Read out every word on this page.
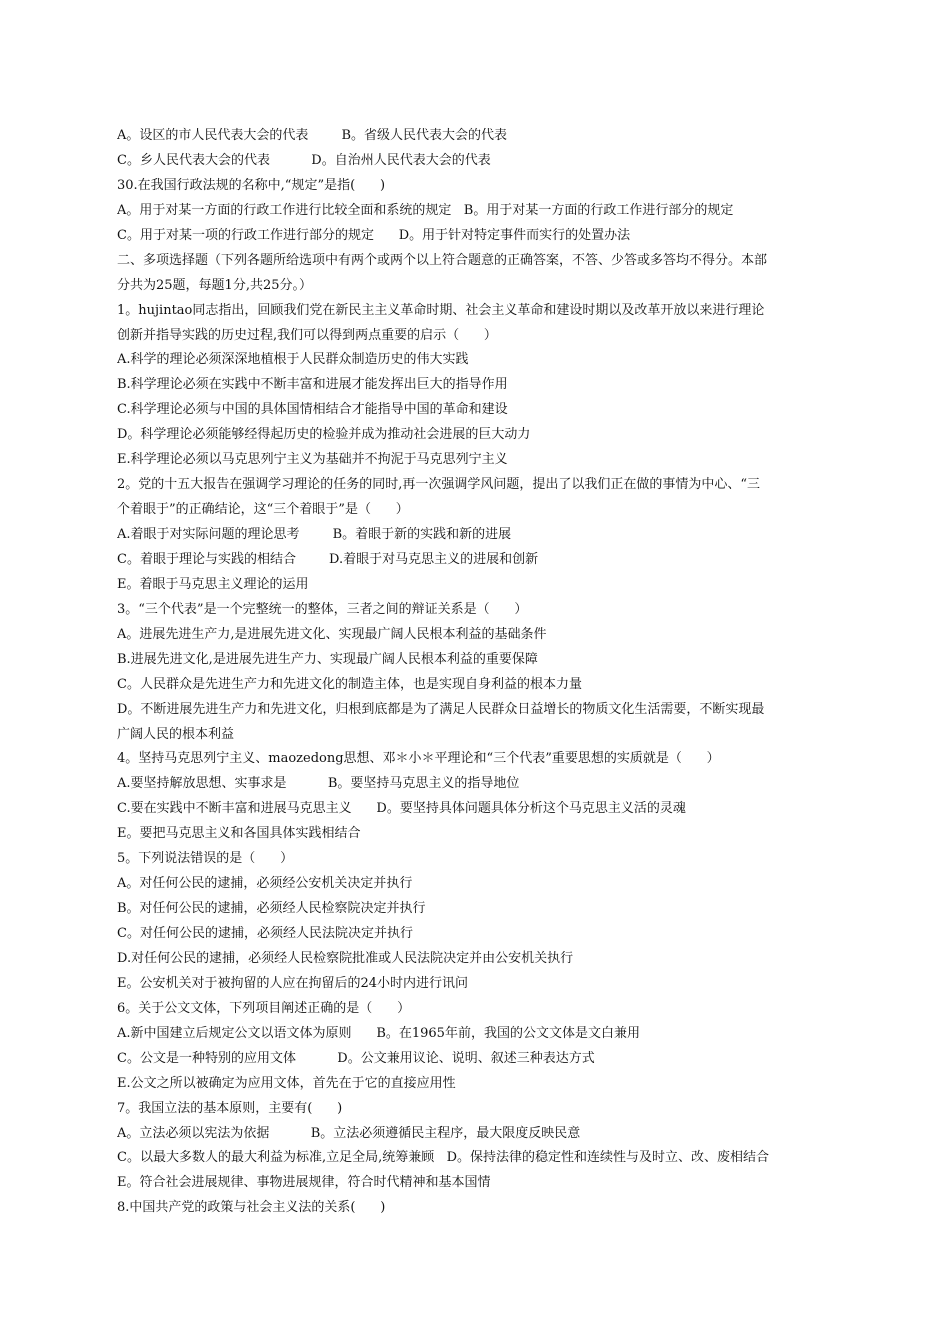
A。设区的市人民代表大会的代表        B。省级人民代表大会的代表
C。乡人民代表大会的代表          D。自治州人民代表大会的代表
30.在我国行政法规的名称中,“规定”是指(      )
A。用于对某一方面的行政工作进行比较全面和系统的规定   B。用于对某一方面的行政工作进行部分的规定
C。用于对某一项的行政工作进行部分的规定      D。用于针对特定事件而实行的处置办法
二、多项选择题（下列各题所给选项中有两个或两个以上符合题意的正确答案，不答、少答或多答均不得分。本部
分共为25题，每题1分,共25分。）
1。hujintao同志指出，回顾我们党在新民主主义革命时期、社会主义革命和建设时期以及改革开放以来进行理论
创新并指导实践的历史过程,我们可以得到两点重要的启示（      ）
A.科学的理论必须深深地植根于人民群众制造历史的伟大实践
B.科学理论必须在实践中不断丰富和进展才能发挥出巨大的指导作用
C.科学理论必须与中国的具体国情相结合才能指导中国的革命和建设
D。科学理论必须能够经得起历史的检验并成为推动社会进展的巨大动力
E.科学理论必须以马克思列宁主义为基础并不拘泥于马克思列宁主义
2。党的十五大报告在强调学习理论的任务的同时,再一次强调学风问题，提出了以我们正在做的事情为中心、“三
个着眼于”的正确结论，这“三个着眼于”是（      ）
A.着眼于对实际问题的理论思考        B。着眼于新的实践和新的进展
C。着眼于理论与实践的相结合        D.着眼于对马克思主义的进展和创新
E。着眼于马克思主义理论的运用
3。“三个代表”是一个完整统一的整体，三者之间的辩证关系是（      ）
A。进展先进生产力,是进展先进文化、实现最广阔人民根本利益的基础条件
B.进展先进文化,是进展先进生产力、实现最广阔人民根本利益的重要保障
C。人民群众是先进生产力和先进文化的制造主体，也是实现自身利益的根本力量
D。不断进展先进生产力和先进文化，归根到底都是为了满足人民群众日益增长的物质文化生活需要，不断实现最
广阔人民的根本利益
4。坚持马克思列宁主义、maozedong思想、邓＊小＊平理论和“三个代表”重要思想的实质就是（      ）
A.要坚持解放思想、实事求是          B。要坚持马克思主义的指导地位
C.要在实践中不断丰富和进展马克思主义      D。要坚持具体问题具体分析这个马克思主义活的灵魂
E。要把马克思主义和各国具体实践相结合
5。下列说法错误的是（      ）
A。对任何公民的逮捕，必须经公安机关决定并执行
B。对任何公民的逮捕，必须经人民检察院决定并执行
C。对任何公民的逮捕，必须经人民法院决定并执行
D.对任何公民的逮捕，必须经人民检察院批准或人民法院决定并由公安机关执行
E。公安机关对于被拘留的人应在拘留后的24小时内进行讯问
6。关于公文文体，下列项目阐述正确的是（      ）
A.新中国建立后规定公文以语文体为原则      B。在1965年前，我国的公文文体是文白兼用
C。公文是一种特别的应用文体          D。公文兼用议论、说明、叙述三种表达方式
E.公文之所以被确定为应用文体，首先在于它的直接应用性
7。我国立法的基本原则，主要有(      )
A。立法必须以宪法为依据          B。立法必须遵循民主程序，最大限度反映民意
C。以最大多数人的最大利益为标准,立足全局,统筹兼顾   D。保持法律的稳定性和连续性与及时立、改、废相结合
E。符合社会进展规律、事物进展规律，符合时代精神和基本国情
8.中国共产党的政策与社会主义法的关系(      )
